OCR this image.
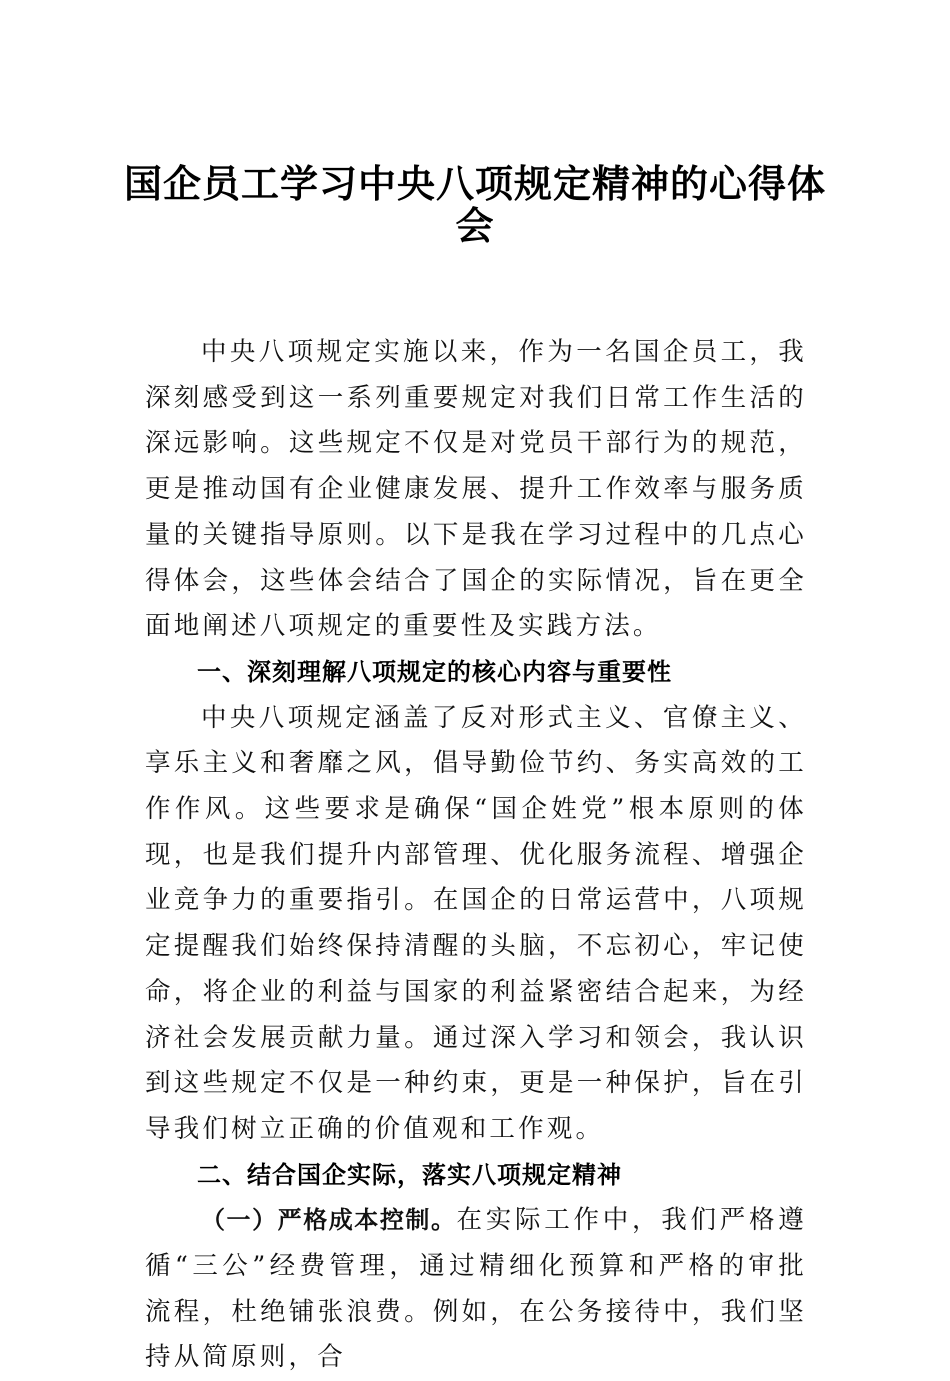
国企员工学习中央八项规定精神的心得体
会

中央八项规定实施以来，作为一名国企员工，我深刻感受到这一系列重要规定对我们日常工作生活的深远影响。这些规定不仅是对党员干部行为的规范，更是推动国有企业健康发展、提升工作效率与服务质量的关键指导原则。以下是我在学习过程中的几点心得体会，这些体会结合了国企的实际情况，旨在更全面地阐述八项规定的重要性及实践方法。

一、深刻理解八项规定的核心内容与重要性

中央八项规定涵盖了反对形式主义、官僚主义、享乐主义和奢靡之风，倡导勤俭节约、务实高效的工作作风。这些要求是确保“国企姓党”根本原则的体现，也是我们提升内部管理、优化服务流程、增强企业竞争力的重要指引。在国企的日常运营中，八项规定提醒我们始终保持清醒的头脑，不忘初心，牢记使命，将企业的利益与国家的利益紧密结合起来，为经济社会发展贡献力量。通过深入学习和领会，我认识到这些规定不仅是一种约束，更是一种保护，旨在引导我们树立正确的价值观和工作观。

二、结合国企实际，落实八项规定精神

（一）严格成本控制。在实际工作中，我们严格遵循“三公”经费管理，通过精细化预算和严格的审批流程，杜绝铺张浪费。例如，在公务接待中，我们坚持从简原则，合
